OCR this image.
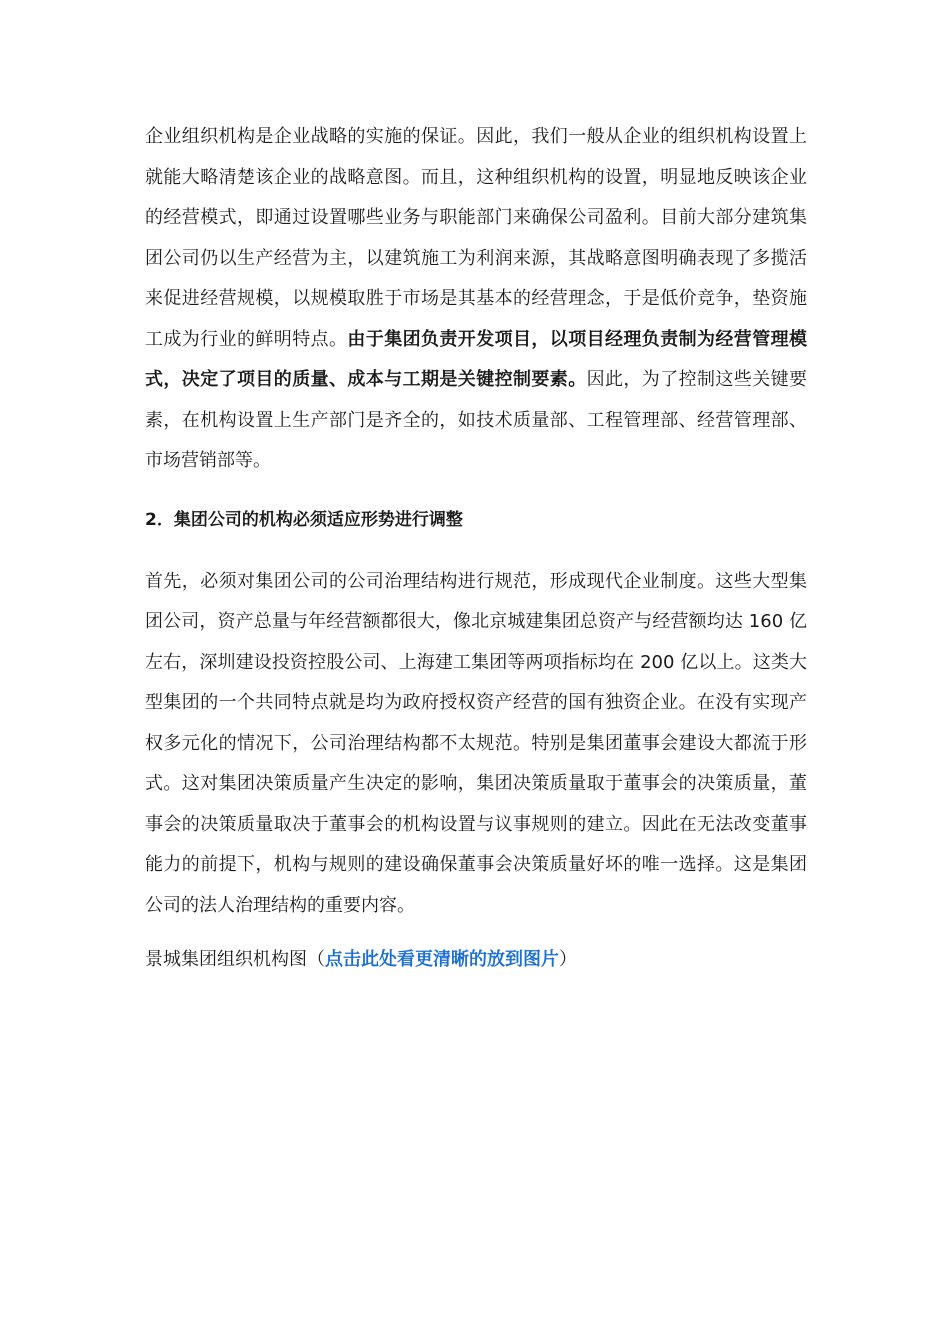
企业组织机构是企业战略的实施的保证。因此，我们一般从企业的组织机构设置上就能大略清楚该企业的战略意图。而且，这种组织机构的设置，明显地反映该企业的经营模式，即通过设置哪些业务与职能部门来确保公司盈利。目前大部分建筑集团公司仍以生产经营为主，以建筑施工为利润来源，其战略意图明确表现了多揽活来促进经营规模，以规模取胜于市场是其基本的经营理念，于是低价竞争，垫资施工成为行业的鲜明特点。由于集团负责开发项目，以项目经理负责制为经营管理模式，决定了项目的质量、成本与工期是关键控制要素。因此，为了控制这些关键要素，在机构设置上生产部门是齐全的，如技术质量部、工程管理部、经营管理部、市场营销部等。

2．集团公司的机构必须适应形势进行调整

首先，必须对集团公司的公司治理结构进行规范，形成现代企业制度。这些大型集团公司，资产总量与年经营额都很大，像北京城建集团总资产与经营额均达 160 亿左右，深圳建设投资控股公司、上海建工集团等两项指标均在 200 亿以上。这类大型集团的一个共同特点就是均为政府授权资产经营的国有独资企业。在没有实现产权多元化的情况下，公司治理结构都不太规范。特别是集团董事会建设大都流于形式。这对集团决策质量产生决定的影响，集团决策质量取于董事会的决策质量，董事会的决策质量取决于董事会的机构设置与议事规则的建立。因此在无法改变董事能力的前提下，机构与规则的建设确保董事会决策质量好坏的唯一选择。这是集团公司的法人治理结构的重要内容。

景城集团组织机构图（点击此处看更清晰的放到图片）
